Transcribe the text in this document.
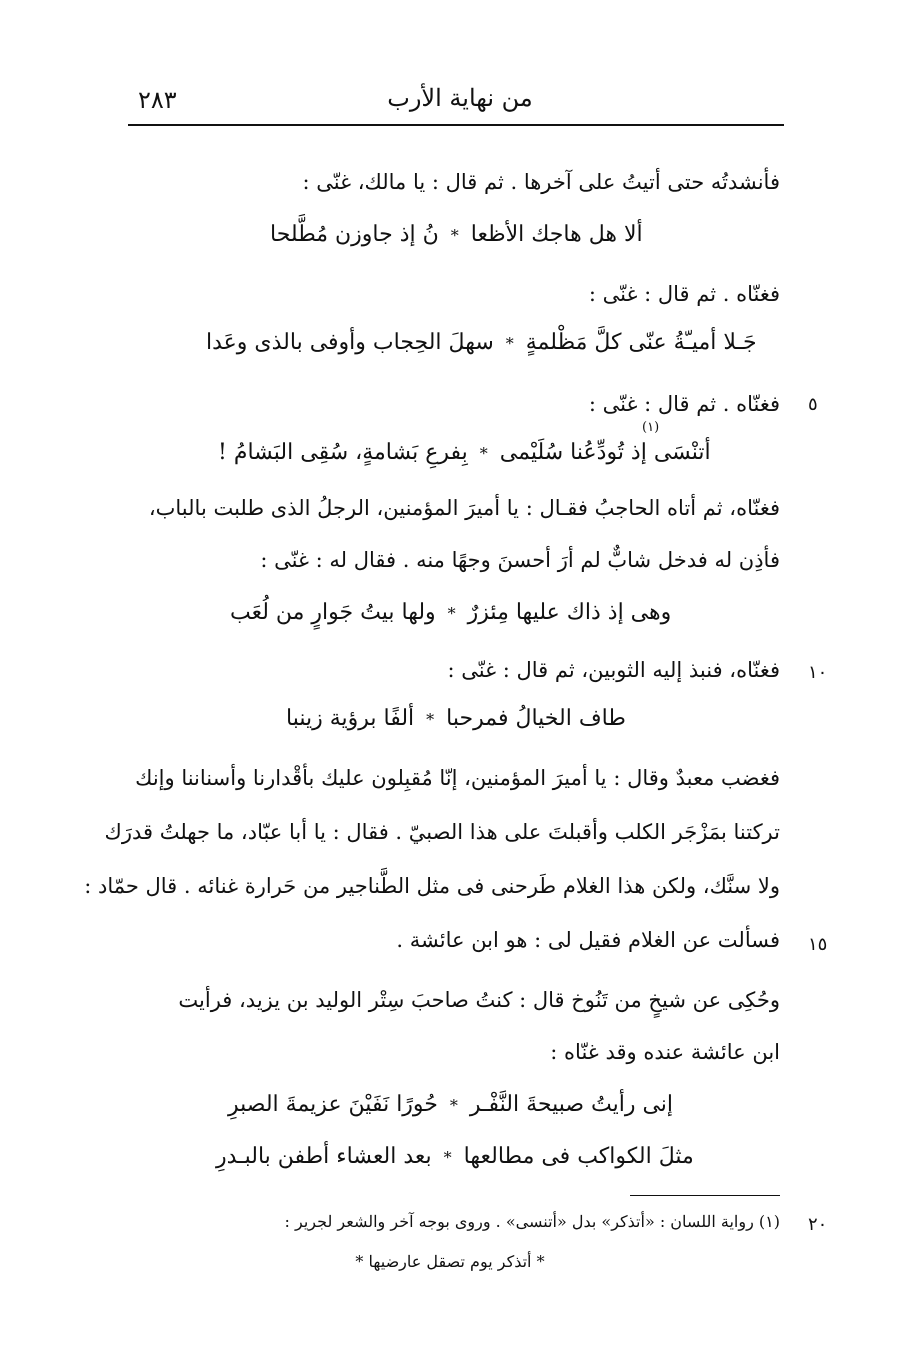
من نهاية الأرب
٢٨٣
فأنشدتُه حتى أتيتُ على آخرها . ثم قال : يا مالك، غنّى :
ألا هل هاجك الأظعا
*
نُ إذ جاوزن مُطَّلحا
فغنّاه . ثم قال : غنّى :
جَـلا أميـّةُ عنّى كلَّ مَظْلمةٍ
*
سهلَ الحِجاب وأوفى بالذى وعَدا
فغنّاه . ثم قال : غنّى : ٥
(١)
أتنْسَى إذ تُودِّعُنا سُلَيْمى
*
بِفرعِ بَشامةٍ، سُقِى البَشامُ !
فغنّاه، ثم أتاه الحاجبُ فقـال : يا أميرَ المؤمنين، الرجلُ الذى طلبت بالباب،
فأذِن له فدخل شابٌّ لم أرَ أحسنَ وجهًا منه . فقال له : غنّى :
وهى إذ ذاك عليها مِئزرٌ
*
ولها بيتُ جَوارٍ من لُعَب
فغنّاه، فنبذ إليه الثوبين، ثم قال : غنّى : ١٠
طاف الخيالُ فمرحبا
*
ألفًا برؤية زينبا
فغضب معبدٌ وقال : يا أميرَ المؤمنين، إنّا مُقبِلون عليك بأقْدارنا وأسناننا وإنك
تركتنا بمَزْجَر الكلب وأقبلتَ على هذا الصبيّ . فقال : يا أبا عبّاد، ما جهلتُ قدرَك
ولا سنَّك، ولكن هذا الغلام طَرحنى فى مثل الطَّناجير من حَرارة غنائه . قال حمّاد :
فسألت عن الغلام فقيل لى : هو ابن عائشة . ١٥
وحُكِى عن شيخٍ من تَنُوخ قال : كنتُ صاحبَ سِتْر الوليد بن يزيد، فرأيت
ابن عائشة عنده وقد غنّاه :
إنى رأيتُ صبيحةَ النَّفْـر
*
حُورًا نَفَيْنَ عزيمةَ الصبرِ
مثلَ الكواكب فى مطالعها
*
بعد العشاء أطفن بالبـدرِ
(١) رواية اللسان : «أتذكر» بدل «أتنسى» . وروى بوجه آخر والشعر لجرير : ٢٠
* أتذكر يوم تصقل عارضيها *
